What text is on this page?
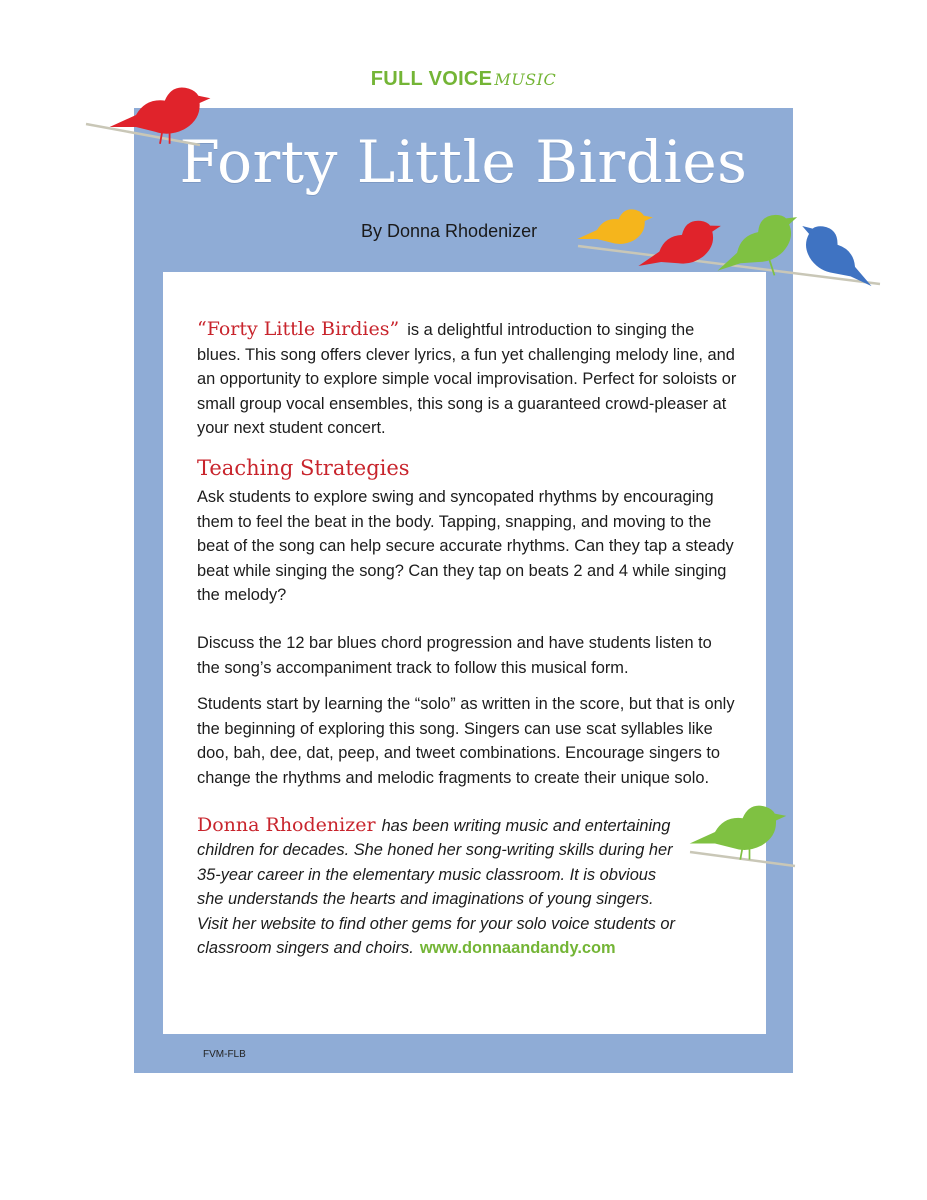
FULL VOICE MUSIC
Forty Little Birdies
By Donna Rhodenizer

“Forty Little Birdies” is a delightful introduction to singing the blues. This song offers clever lyrics, a fun yet challenging melody line, and an opportunity to explore simple vocal improvisation. Perfect for soloists or small group vocal ensembles, this song is a guaranteed crowd-pleaser at your next student concert.

Teaching Strategies

Ask students to explore swing and syncopated rhythms by encouraging them to feel the beat in the body. Tapping, snapping, and moving to the beat of the song can help secure accurate rhythms. Can they tap a steady beat while singing the song? Can they tap on beats 2 and 4 while singing the melody?

Discuss the 12 bar blues chord progression and have students listen to the song’s accompaniment track to follow this musical form.

Students start by learning the “solo” as written in the score, but that is only the beginning of exploring this song. Singers can use scat syllables like doo, bah, dee, dat, peep, and tweet combinations. Encourage singers to change the rhythms and melodic fragments to create their unique solo.

Donna Rhodenizer has been writing music and entertaining children for decades. She honed her song-writing skills during her 35-year career in the elementary music classroom. It is obvious she understands the hearts and imaginations of young singers. Visit her website to find other gems for your solo voice students or classroom singers and choirs. www.donnaandandy.com

FVM-FLB
